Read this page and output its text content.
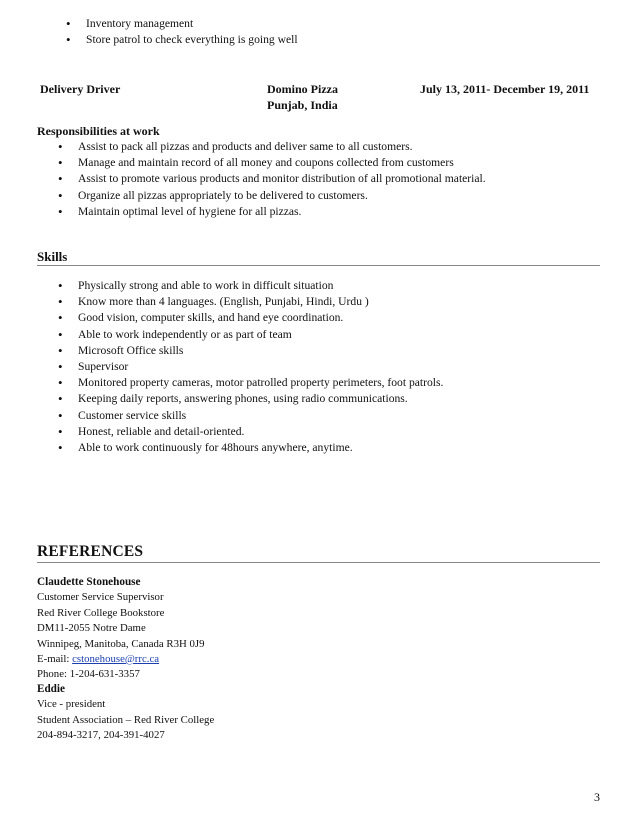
• Inventory management
• Store patrol to check everything is going well
Delivery Driver	Domino Pizza
Punjab, India
July 13, 2011- December 19, 2011
Responsibilities at work
• Assist to pack all pizzas and products and deliver same to all customers.
• Manage and maintain record of all money and coupons collected from customers
• Assist to promote various products and monitor distribution of all promotional material.
• Organize all pizzas appropriately to be delivered to customers.
• Maintain optimal level of hygiene for all pizzas.
Skills
• Physically strong and able to work in difficult situation
• Know more than 4 languages. (English, Punjabi, Hindi, Urdu )
• Good vision, computer skills, and hand eye coordination.
• Able to work independently or as part of team
• Microsoft Office skills
• Supervisor
• Monitored property cameras, motor patrolled property perimeters, foot patrols.
• Keeping daily reports, answering phones, using radio communications.
• Customer service skills
• Honest, reliable and detail-oriented.
• Able to work continuously for 48hours anywhere, anytime.
REFERENCES
Claudette Stonehouse
Customer Service Supervisor
Red River College Bookstore
DM11-2055 Notre Dame
Winnipeg, Manitoba, Canada R3H 0J9
E-mail: cstonehouse@rrc.ca
Phone: 1-204-631-3357
Eddie
Vice - president
Student Association – Red River College
204-894-3217, 204-391-4027
3
